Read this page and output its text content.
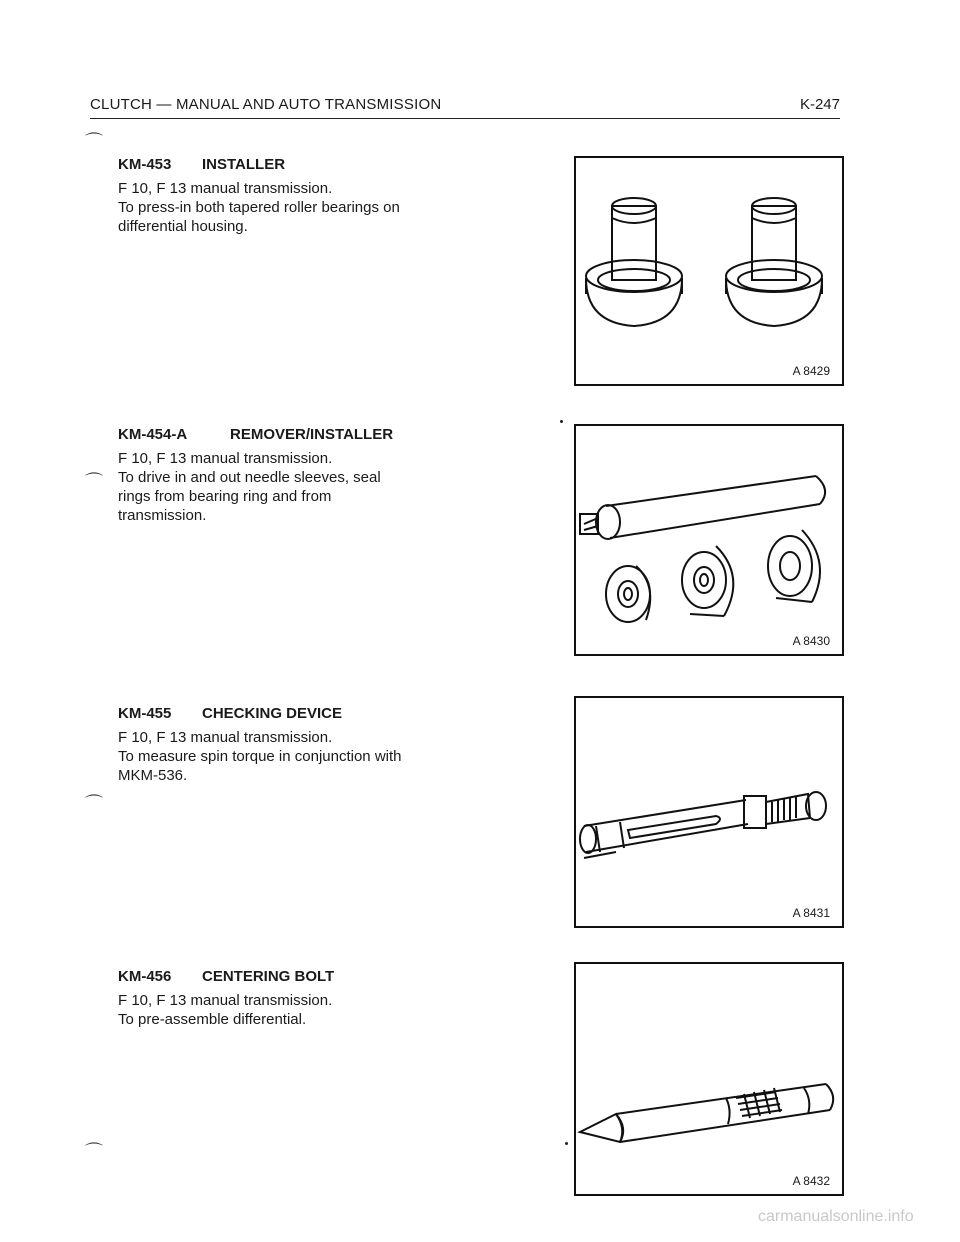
CLUTCH — MANUAL AND AUTO TRANSMISSION	K-247
⌒
⌒
⌒
⌒
KM-453 INSTALLER
F 10, F 13 manual transmission.
To press-in both tapered roller bearings on
differential housing.
A 8429
KM-454-A	REMOVER/INSTALLER
F 10, F 13 manual transmission.
To drive in and out needle sleeves, seal
rings from bearing ring and from
transmission.
A 8430
KM-455 CHECKING DEVICE
F 10, F 13 manual transmission.
To measure spin torque in conjunction with
MKM-536.
A 8431
KM-456 CENTERING BOLT
F 10, F 13 manual transmission.
To pre-assemble differential.
A 8432
carmanualsonline.info
